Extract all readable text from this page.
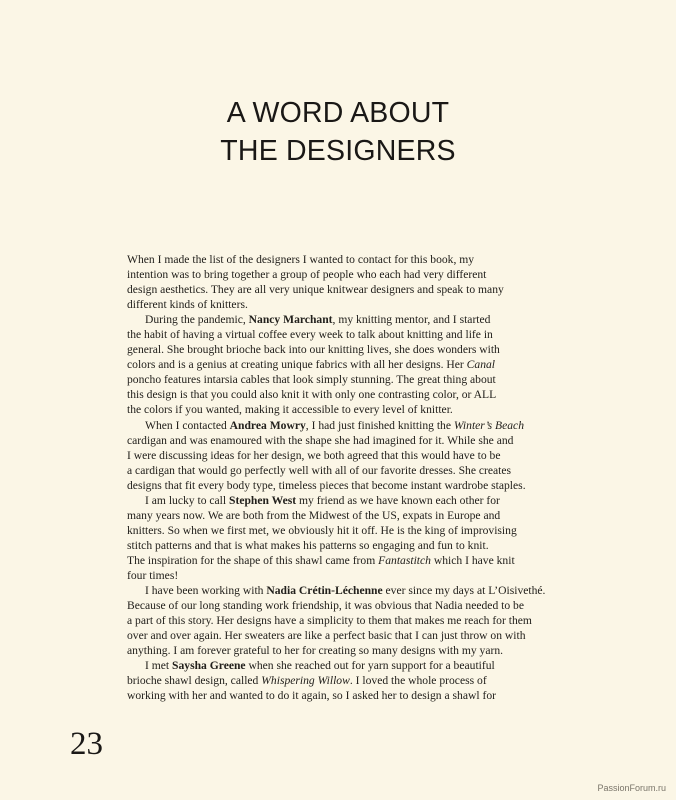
A WORD ABOUT
THE DESIGNERS

When I made the list of the designers I wanted to contact for this book, my
intention was to bring together a group of people who each had very different
design aesthetics. They are all very unique knitwear designers and speak to many
different kinds of knitters.

During the pandemic, Nancy Marchant, my knitting mentor, and I started
the habit of having a virtual coffee every week to talk about knitting and life in
general. She brought brioche back into our knitting lives, she does wonders with
colors and is a genius at creating unique fabrics with all her designs. Her Canal
poncho features intarsia cables that look simply stunning. The great thing about
this design is that you could also knit it with only one contrasting color, or ALL
the colors if you wanted, making it accessible to every level of knitter.

When I contacted Andrea Mowry, I had just finished knitting the Winter’s Beach
cardigan and was enamoured with the shape she had imagined for it. While she and
I were discussing ideas for her design, we both agreed that this would have to be
a cardigan that would go perfectly well with all of our favorite dresses. She creates
designs that fit every body type, timeless pieces that become instant wardrobe staples.

I am lucky to call Stephen West my friend as we have known each other for
many years now. We are both from the Midwest of the US, expats in Europe and
knitters. So when we first met, we obviously hit it off. He is the king of improvising
stitch patterns and that is what makes his patterns so engaging and fun to knit.
The inspiration for the shape of this shawl came from Fantastitch which I have knit
four times!

I have been working with Nadia Crétin-Léchenne ever since my days at L’Oisivethé.
Because of our long standing work friendship, it was obvious that Nadia needed to be
a part of this story. Her designs have a simplicity to them that makes me reach for them
over and over again. Her sweaters are like a perfect basic that I can just throw on with
anything. I am forever grateful to her for creating so many designs with my yarn.

I met Saysha Greene when she reached out for yarn support for a beautiful
brioche shawl design, called Whispering Willow. I loved the whole process of
working with her and wanted to do it again, so I asked her to design a shawl for

23
PassionForum.ru
